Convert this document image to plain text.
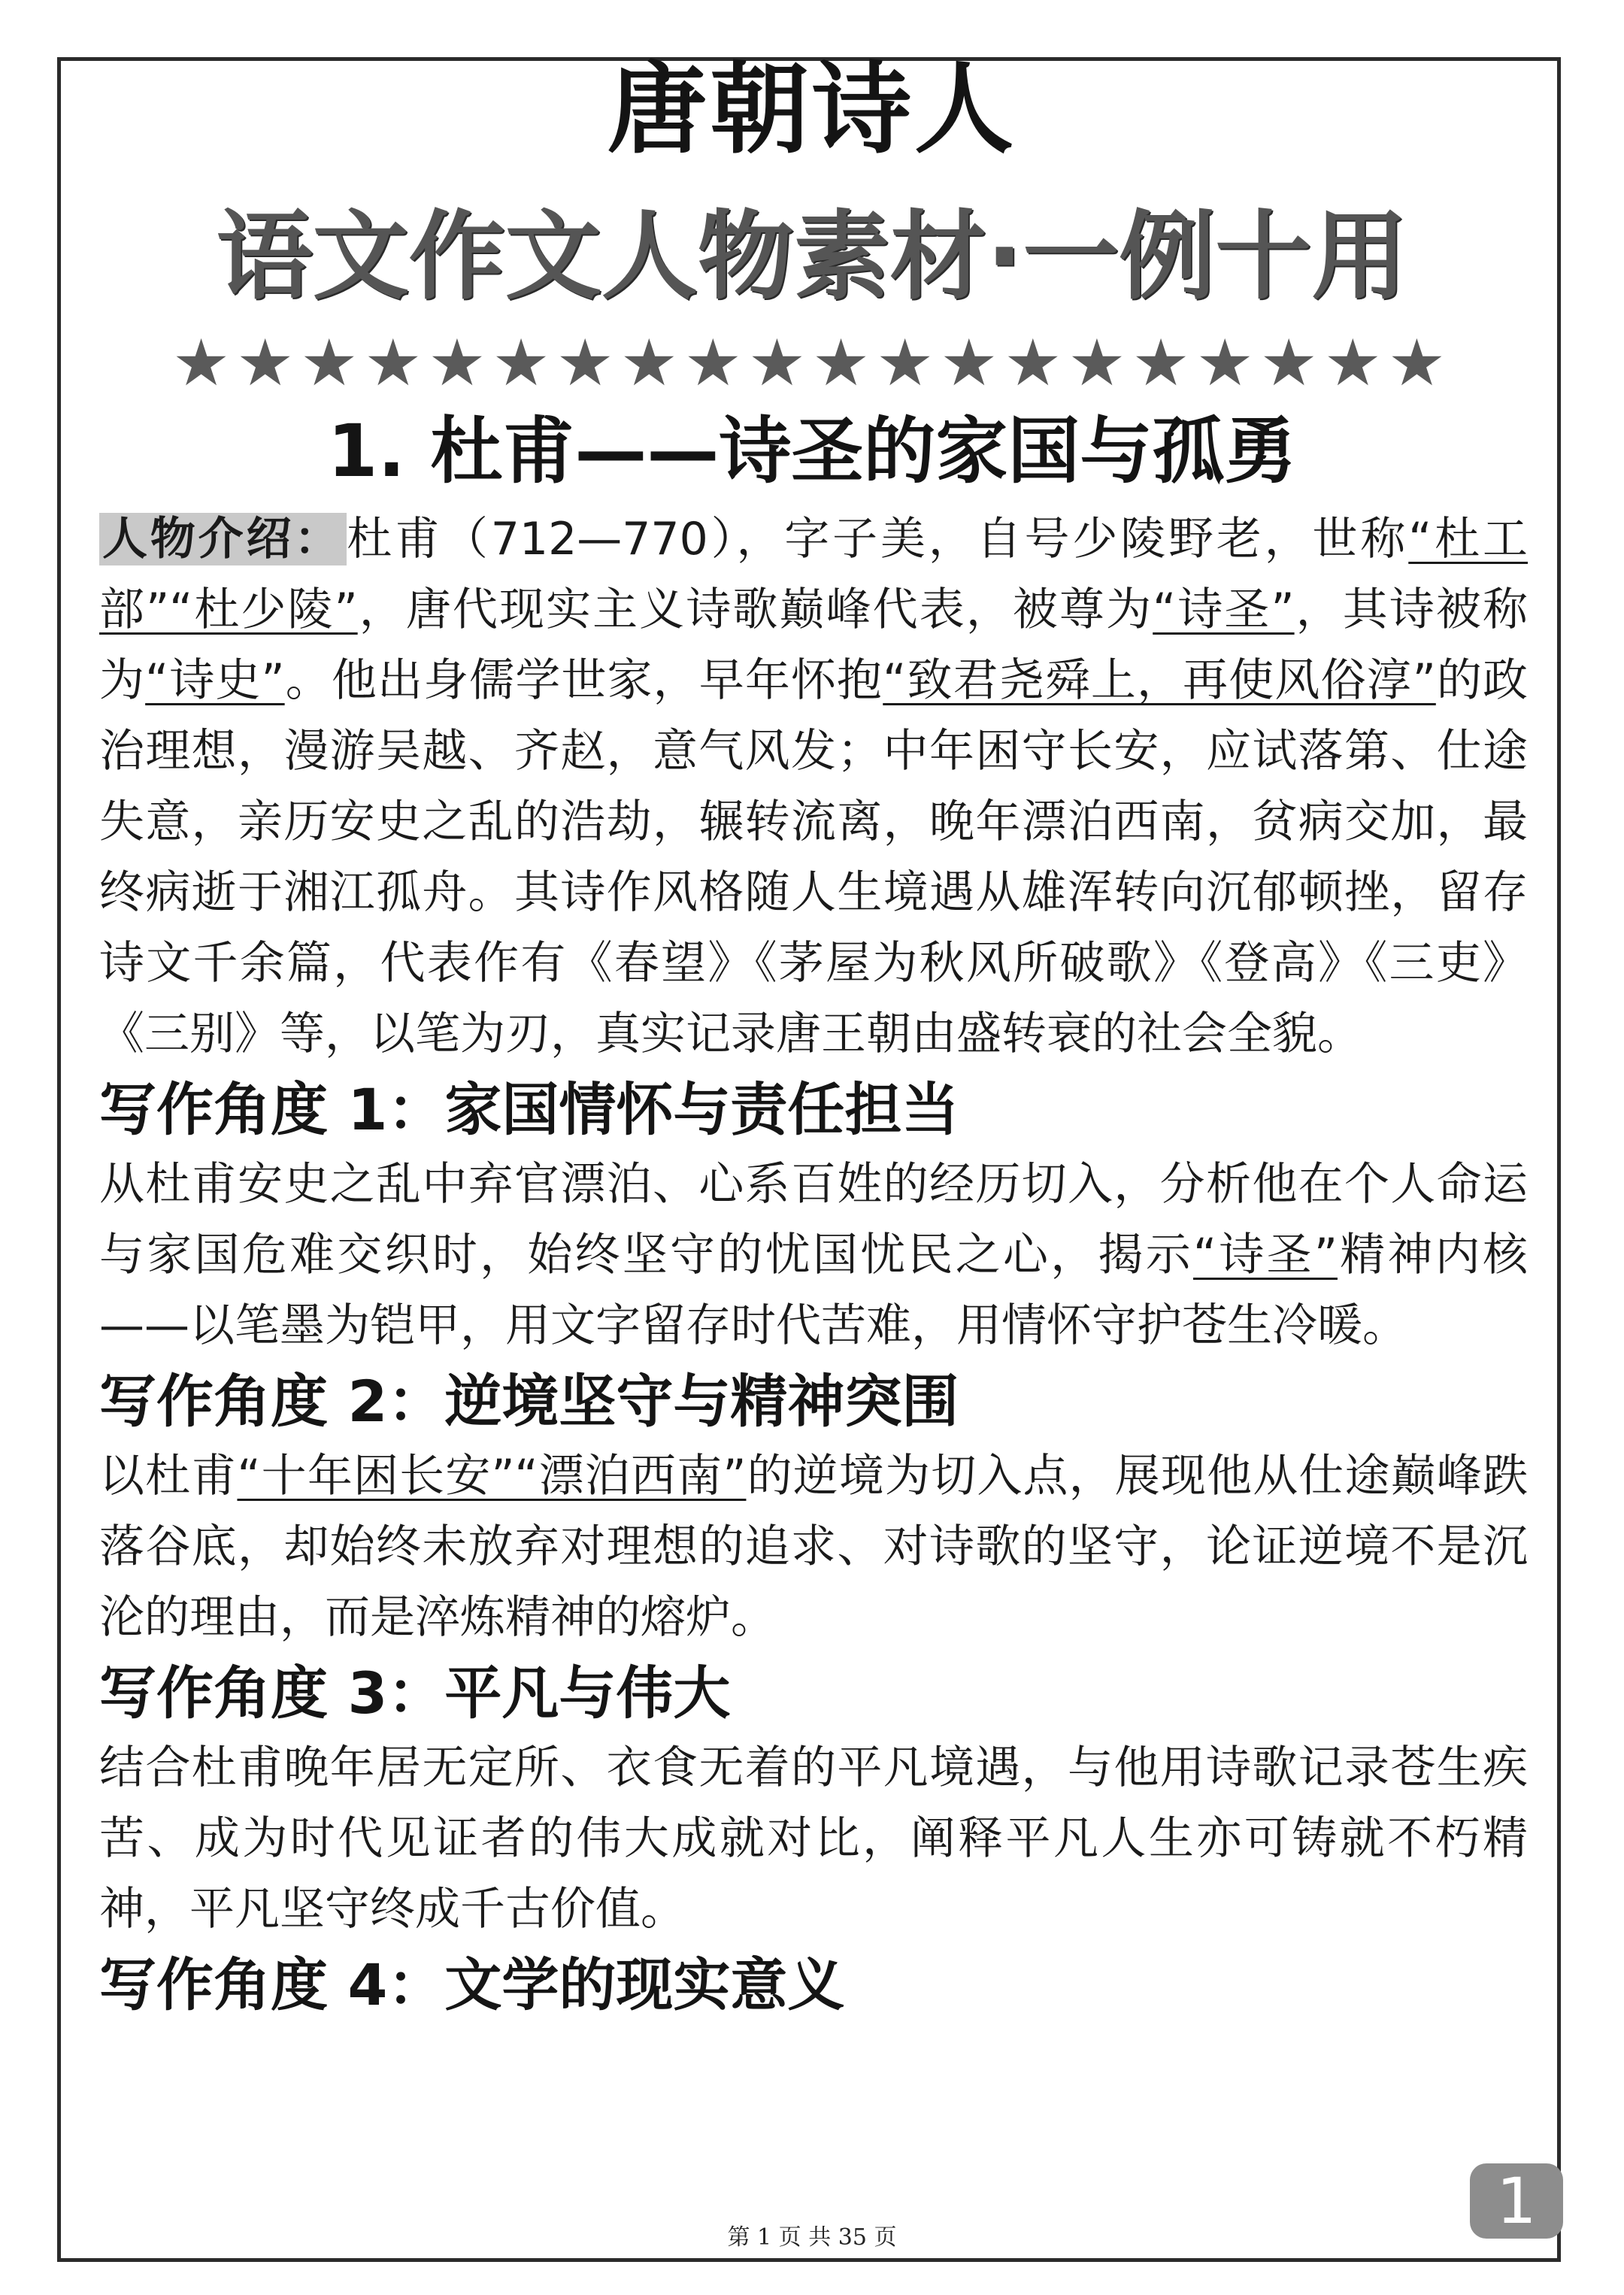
唐朝诗人
语文作文人物素材·一例十用
★★★★★★★★★★★★★★★★★★★★
1. 杜甫——诗圣的家国与孤勇

人物介绍： 杜甫（712—770），字子美，自号少陵野老，世称“杜工部”“杜少陵”，唐代现实主义诗歌巅峰代表，被尊为“诗圣”，其诗被称为“诗史”。他出身儒学世家，早年怀抱“致君尧舜上，再使风俗淳”的政治理想，漫游吴越、齐赵，意气风发；中年困守长安，应试落第、仕途失意，亲历安史之乱的浩劫，辗转流离，晚年漂泊西南，贫病交加，最终病逝于湘江孤舟。其诗作风格随人生境遇从雄浑转向沉郁顿挫，留存诗文千余篇，代表作有《春望》《茅屋为秋风所破歌》《登高》《三吏》《三别》等，以笔为刃，真实记录唐王朝由盛转衰的社会全貌。

写作角度 1：家国情怀与责任担当

从杜甫安史之乱中弃官漂泊、心系百姓的经历切入，分析他在个人命运与家国危难交织时，始终坚守的忧国忧民之心，揭示“诗圣”精神内核——以笔墨为铠甲，用文字留存时代苦难，用情怀守护苍生冷暖。

写作角度 2：逆境坚守与精神突围

以杜甫“十年困长安”“漂泊西南”的逆境为切入点，展现他从仕途巅峰跌落谷底，却始终未放弃对理想的追求、对诗歌的坚守，论证逆境不是沉沦的理由，而是淬炼精神的熔炉。

写作角度 3：平凡与伟大

结合杜甫晚年居无定所、衣食无着的平凡境遇，与他用诗歌记录苍生疾苦、成为时代见证者的伟大成就对比，阐释平凡人生亦可铸就不朽精神，平凡坚守终成千古价值。

写作角度 4：文学的现实意义
1
第 1 页 共 35 页
